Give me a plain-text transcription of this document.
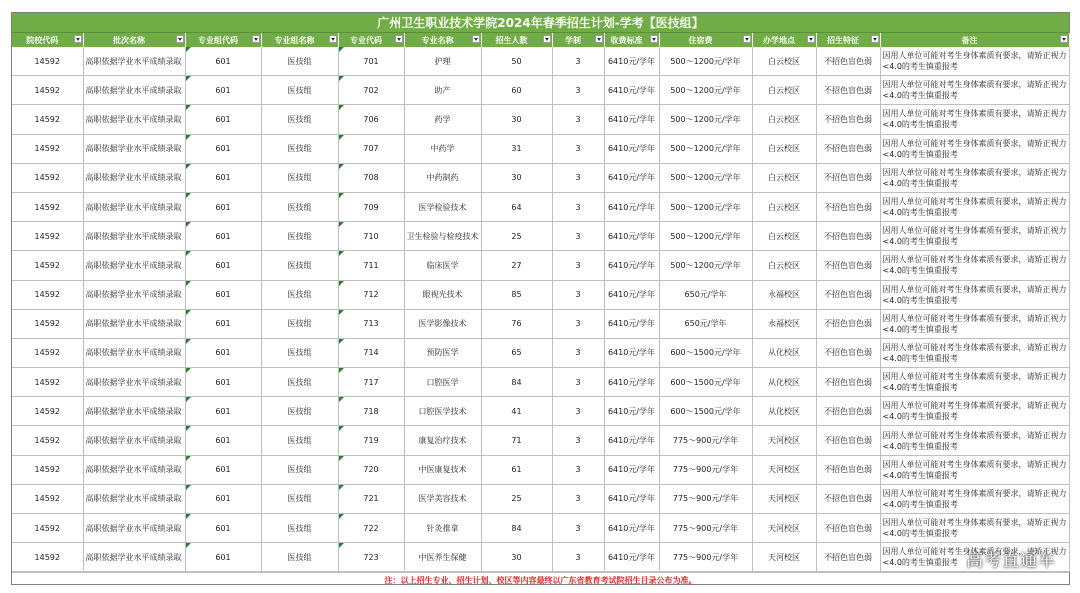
广州卫生职业技术学院2024年春季招生计划-学考【医技组】
院校代码	批次名称	专业组代码	专业组名称	专业代码	专业名称	招生人数	学制	收费标准	住宿费	办学地点	招生特征	备注

14592	高职依据学业水平成绩录取	601	医技组	701	护理	50	3	6410元/学年	500～1200元/学年	白云校区	不招色盲色弱	因用人单位可能对考生身体素质有要求，请矫正视力<4.0的考生慎重报考
14592	高职依据学业水平成绩录取	601	医技组	702	助产	60	3	6410元/学年	500～1200元/学年	白云校区	不招色盲色弱	因用人单位可能对考生身体素质有要求，请矫正视力<4.0的考生慎重报考
14592	高职依据学业水平成绩录取	601	医技组	706	药学	30	3	6410元/学年	500～1200元/学年	白云校区	不招色盲色弱	因用人单位可能对考生身体素质有要求，请矫正视力<4.0的考生慎重报考
14592	高职依据学业水平成绩录取	601	医技组	707	中药学	31	3	6410元/学年	500～1200元/学年	白云校区	不招色盲色弱	因用人单位可能对考生身体素质有要求，请矫正视力<4.0的考生慎重报考
14592	高职依据学业水平成绩录取	601	医技组	708	中药制药	30	3	6410元/学年	500～1200元/学年	白云校区	不招色盲色弱	因用人单位可能对考生身体素质有要求，请矫正视力<4.0的考生慎重报考
14592	高职依据学业水平成绩录取	601	医技组	709	医学检验技术	64	3	6410元/学年	500～1200元/学年	白云校区	不招色盲色弱	因用人单位可能对考生身体素质有要求，请矫正视力<4.0的考生慎重报考
14592	高职依据学业水平成绩录取	601	医技组	710	卫生检验与检疫技术	25	3	6410元/学年	500～1200元/学年	白云校区	不招色盲色弱	因用人单位可能对考生身体素质有要求，请矫正视力<4.0的考生慎重报考
14592	高职依据学业水平成绩录取	601	医技组	711	临床医学	27	3	6410元/学年	500～1200元/学年	白云校区	不招色盲色弱	因用人单位可能对考生身体素质有要求，请矫正视力<4.0的考生慎重报考
14592	高职依据学业水平成绩录取	601	医技组	712	眼视光技术	85	3	6410元/学年	650元/学年	永福校区	不招色盲色弱	因用人单位可能对考生身体素质有要求，请矫正视力<4.0的考生慎重报考
14592	高职依据学业水平成绩录取	601	医技组	713	医学影像技术	76	3	6410元/学年	650元/学年	永福校区	不招色盲色弱	因用人单位可能对考生身体素质有要求，请矫正视力<4.0的考生慎重报考
14592	高职依据学业水平成绩录取	601	医技组	714	预防医学	65	3	6410元/学年	600～1500元/学年	从化校区	不招色盲色弱	因用人单位可能对考生身体素质有要求，请矫正视力<4.0的考生慎重报考
14592	高职依据学业水平成绩录取	601	医技组	717	口腔医学	84	3	6410元/学年	600～1500元/学年	从化校区	不招色盲色弱	因用人单位可能对考生身体素质有要求，请矫正视力<4.0的考生慎重报考
14592	高职依据学业水平成绩录取	601	医技组	718	口腔医学技术	41	3	6410元/学年	600～1500元/学年	从化校区	不招色盲色弱	因用人单位可能对考生身体素质有要求，请矫正视力<4.0的考生慎重报考
14592	高职依据学业水平成绩录取	601	医技组	719	康复治疗技术	71	3	6410元/学年	775～900元/学年	天河校区	不招色盲色弱	因用人单位可能对考生身体素质有要求，请矫正视力<4.0的考生慎重报考
14592	高职依据学业水平成绩录取	601	医技组	720	中医康复技术	61	3	6410元/学年	775～900元/学年	天河校区	不招色盲色弱	因用人单位可能对考生身体素质有要求，请矫正视力<4.0的考生慎重报考
14592	高职依据学业水平成绩录取	601	医技组	721	医学美容技术	25	3	6410元/学年	775～900元/学年	天河校区	不招色盲色弱	因用人单位可能对考生身体素质有要求，请矫正视力<4.0的考生慎重报考
14592	高职依据学业水平成绩录取	601	医技组	722	针灸推拿	84	3	6410元/学年	775～900元/学年	天河校区	不招色盲色弱	因用人单位可能对考生身体素质有要求，请矫正视力<4.0的考生慎重报考
14592	高职依据学业水平成绩录取	601	医技组	723	中医养生保健	30	3	6410元/学年	775～900元/学年	天河校区	不招色盲色弱	因用人单位可能对考生身体素质有要求，请矫正视力<4.0的考生慎重报考
注：以上招生专业、招生计划、校区等内容最终以广东省教育考试院招生目录公布为准。
高考直通车
